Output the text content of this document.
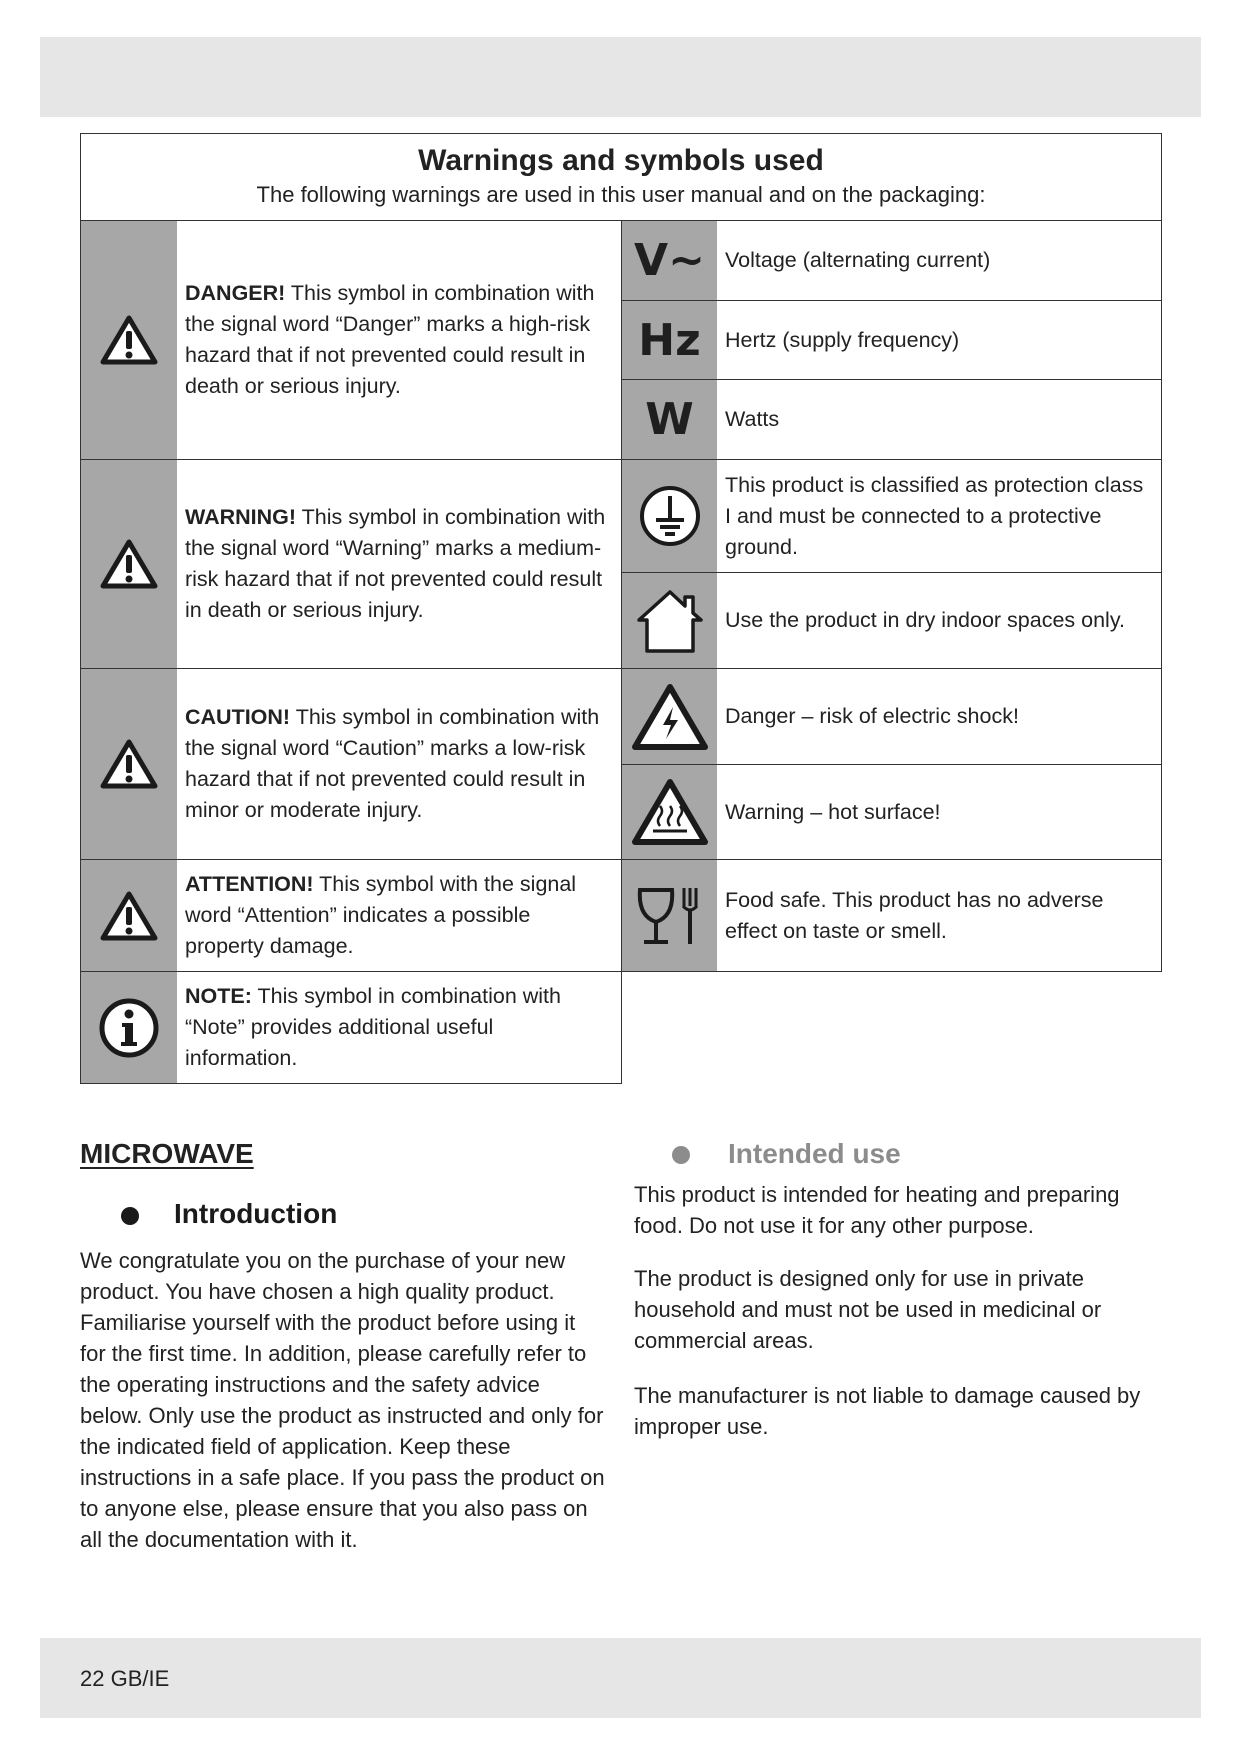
Warnings and symbols used
The following warnings are used in this user manual and on the packaging:
DANGER! This symbol in combination with the signal word “Danger” marks a high-risk hazard that if not prevented could result in death or serious injury.
WARNING! This symbol in combination with the signal word “Warning” marks a medium-risk hazard that if not prevented could result in death or serious injury.
CAUTION! This symbol in combination with the signal word “Caution” marks a low-risk hazard that if not prevented could result in minor or moderate injury.
ATTENTION! This symbol with the signal word “Attention” indicates a possible property damage.
NOTE: This symbol in combination with “Note” provides additional useful information.
V~ Voltage (alternating current)
Hz Hertz (supply frequency)
W Watts
This product is classified as protection class I and must be connected to a protective ground.
Use the product in dry indoor spaces only.
Danger – risk of electric shock!
Warning – hot surface!
Food safe. This product has no adverse effect on taste or smell.
MICROWAVE
Introduction
We congratulate you on the purchase of your new product. You have chosen a high quality product. Familiarise yourself with the product before using it for the first time. In addition, please carefully refer to the operating instructions and the safety advice below. Only use the product as instructed and only for the indicated field of application. Keep these instructions in a safe place. If you pass the product on to anyone else, please ensure that you also pass on all the documentation with it.
Intended use
This product is intended for heating and preparing food. Do not use it for any other purpose.
The product is designed only for use in private household and must not be used in medicinal or commercial areas.
The manufacturer is not liable to damage caused by improper use.
22 GB/IE
